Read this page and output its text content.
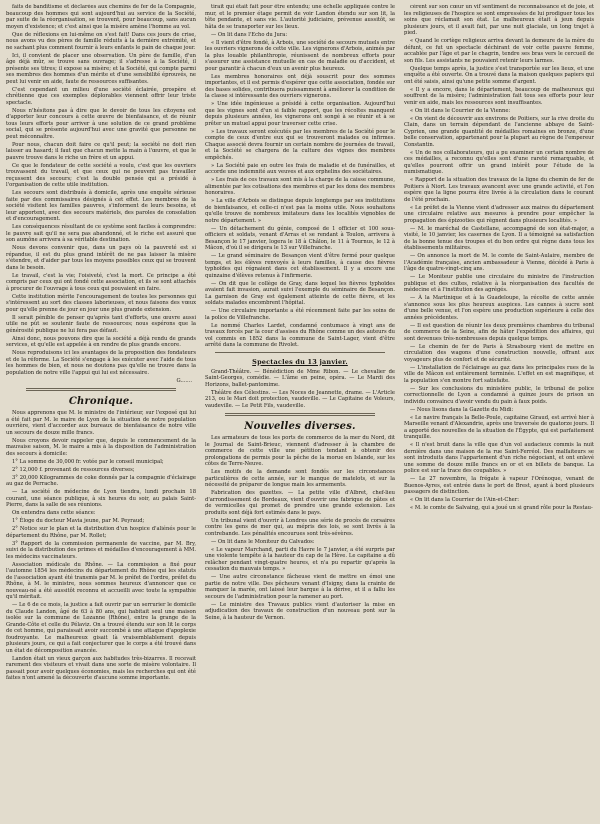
faits de banditisme et déclarées aux chemins de fer de la Compagnie, beaucoup des hommes qui sont aujourd'hui au service de la Société, par suite de la réorganisation, se trouvent, pour beaucoup, sans aucun moyen d'existence; et c'est ainsi que la misère amène l'homme au vol.

Que de réflexions en lui-même on s'est fait! Dans ces jours de crise, nous avons vu des pères de famille réduits à la dernière extrémité, et ne sachant plus comment fournir à leurs enfants le pain de chaque jour.

Ici, il convient de placer une observation. Un père de famille, d'un âge déjà mûr, se trouve sans ouvrage; il s'adresse à la Société, il présente ses titres; il expose sa misère; et la Société, qui compte parmi ses membres des hommes d'un mérite et d'une sensibilité éprouvés, ne peut lui venir en aide, faute de ressources suffisantes.

C'est cependant un milieu d'une société éclairée, prospère et chrétienne que ces exemples déplorables viennent offrir leur triste spectacle.

Nous n'hésitons pas à dire que le devoir de tous les citoyens est d'apporter leur concours à cette œuvre de bienfaisance, et de réunir tous leurs efforts pour arriver à une solution de ce grand problème social, qui se présente aujourd'hui avec une gravité que personne ne peut méconnaître.

Pour nous, chacun doit faire ce qu'il peut; la société ne doit rien laisser au hasard; il faut que chacun mette la main à l'œuvre, et que le pauvre trouve dans le riche un frère et un appui.

Ce que le fondateur de cette société a voulu, c'est que les ouvriers trouvassent du travail, et que ceux qui ne peuvent pas travailler reçussent des secours; c'est la double pensée qui a présidé à l'organisation de cette utile institution.

Les secours sont distribués à domicile, après une enquête sérieuse faite par des commissaires désignés à cet effet. Les membres de la société visitent les familles pauvres, s'informent de leurs besoins, et leur apportent, avec des secours matériels, des paroles de consolation et d'encouragement.

Les conséquences résultant de ce système sont faciles à comprendre: le pauvre sait qu'il ne sera pas abandonné, et le riche est assuré que son aumône arrivera à sa véritable destination.

Nous devons convenir que, dans un pays où la pauvreté est si répandue, il est du plus grand intérêt de ne pas laisser la misère s'étendre, et d'aider par tous les moyens possibles ceux qui se trouvent dans le besoin.

Le travail, c'est la vie; l'oisiveté, c'est la mort. Ce principe a été compris par ceux qui ont fondé cette association, et ils se sont attachés à procurer de l'ouvrage à tous ceux qui pouvaient en faire.

Cette institution mérite l'encouragement de toutes les personnes qui s'intéressent au sort des classes laborieuses, et nous faisons des vœux pour qu'elle prenne de jour en jour une plus grande extension.

Il serait pénible de penser qu'après tant d'efforts, une œuvre aussi utile ne pût se soutenir faute de ressources; nous espérons que la générosité publique ne lui fera pas défaut.

Ainsi donc, nous pouvons dire que la société a déjà rendu de grands services, et qu'elle est appelée à en rendre de plus grands encore.

Nous reproduisons ici les avantages de la proposition des fondateurs et de la réforme. La Société s'engage à les exécuter avec l'aide de tous les hommes de bien, et nous ne doutons pas qu'elle ne trouve dans la population de notre ville l'appui qui lui est nécessaire.

G.......
Chronique.

Nous apprenons que M. le ministre de l'intérieur, sur l'exposé qui lui a été fait par M. le maire de Lyon de la situation de notre population ouvrière, vient d'accorder aux bureaux de bienfaisance de notre ville un secours de douze mille francs.

Nous croyons devoir rappeler que, depuis le commencement de la mauvaise saison, M. le maire a mis à la disposition de l'administration des secours à domicile:

1° La somme de 30,000 fr. votée par le conseil municipal;

2° 12,000 f. provenant de ressources diverses;

3° 20,000 Kilogrammes de coke donnés par la compagnie d'éclairage au gaz de Perrache.

— La société de médecine de Lyon tiendra, lundi prochain 18 courant, une séance publique, à six heures du soir, au palais Saint-Pierre, dans la salle de ses réunions.

On entendra dans cette séance:

1° Éloge du docteur Mavia jeune, par M. Peyraud;

2° Notice sur le plan et la distribution d'un hospice d'aliénés pour le département du Rhône, par M. Rollet;

3° Rapport de la commission permanente de vaccine, par M. Bry, suivi de la distribution des primes et médailles d'encouragement à MM. les médecins vaccinateurs.

Association médicale du Rhône. — La commission a fixé pour l'automne 1854 les médecins du département du Rhône qui les statuts de l'association ayant été transmis par M. le préfet de l'ordre, préfet du Rhône, à M. le ministre, nous sommes heureux d'annoncer que ce nouveau-né a été aussitôt reconnu et accueilli avec toute la sympathie qu'il méritait.

— Le 6 de ce mois, la justice a fait ouvrir par un serrurier le domicile du Claude Landon, âgé de 63 à 80 ans, qui habitait seul une maison isolée sur la commune de Lozanne (Rhône), entre la grange de la Grande-Côte et celle du Pélaviz. On a trouvé étendu sur son lit le corps de cet homme, qui paraissait avoir succombé à une attaque d'apoplexie foudroyante. Le malheureux gisait là vraisemblablement depuis plusieurs jours, ce qui a fait conjecturer que le corps a été trouvé dans un état de décomposition avancée.

Landon était un vieux garçon aux habitudes très-bizarres. Il recevait rarement des visiteurs et vivait dans une sorte de misère volontaire. Il passait pour avoir quelques économies, mais les recherches qui ont été faites n'ont amené la découverte d'aucune somme importante.

tirait qui était fait pour être entendu; une échelle appliquée contre le mur, et le premier étage permit de voir Landon étendu sur son lit, la tête pendante, et sans vie. L'autorité judiciaire, prévenue aussitôt, se hâta de se transporter sur les lieux.

— On lit dans l'Echo du Jura:

« Il vient d'être fondé, à Arbois, une société de secours mutuels entre les ouvriers vignerons de cette ville. Les vignerons d'Arbois, animés par la plus louable philanthropie, réunissent de nombreux efforts pour s'assurer une assistance mutuelle en cas de maladie ou d'accident, et pour garantir à chacun d'eux un avenir plus heureux.

Les membres honoraires ont déjà souscrit pour des sommes importantes, et il est permis d'espérer que cette association, fondée sur des bases solides, contribuera puissamment à améliorer la condition de la classe si intéressante des ouvriers vignerons.

» Une idée ingénieuse a présidé à cette organisation. Aujourd'hui que les vignes sont d'un si faible rapport, que les récoltes manquent depuis plusieurs années, les vignerons ont songé à se réunir et à se prêter un mutuel appui pour traverser cette crise.

» Les travaux seront exécutés par les membres de la Société pour le compte de ceux d'entre eux qui se trouveront malades ou infirmes. Chaque associé devra fournir un certain nombre de journées de travail, et la Société se chargera de la culture des vignes des membres empêchés.

» La Société paie en outre les frais de maladie et de funérailles, et accorde une indemnité aux veuves et aux orphelins des sociétaires.

» Les frais de ces travaux sont mis à la charge de la caisse commune, alimentée par les cotisations des membres et par les dons des membres honoraires.

» La ville d'Arbois se distingue depuis longtemps par ses institutions de bienfaisance, et celle-ci n'est pas la moins utile. Nous souhaitons qu'elle trouve de nombreux imitateurs dans les localités vignobles de notre département. »

— Un détachement du génie, composé de 1 officier et 100 sous-officiers et soldats, venant d'Arras et se rendant à Toulon, arrivera à Besançon le 17 janvier, logera le 18 à Châlon, le 11 à Tournus, le 12 à Mâcon, d'où il se dirigera le 13 sur Villefranche.

— Le grand séminaire de Besançon vient d'être fermé pour quelque temps, et les élèves renvoyés à leurs familles, à cause des fièvres typhoïdes qui régnaient dans cet établissement. Il y a encore une quinzaine d'élèves retenus à l'infirmerie.

— On dit que le collège de Gray, dans lequel les fièvres typhoïdes avaient fait invasion, aurait suivi l'exemple du séminaire de Besançon. La garnison de Gray est également atteinte de cette fièvre, et les soldats malades encombrent l'hôpital.

— Une circulaire importante a été récemment faite par les soins de la police de Villefranche.

Le nommé Charles Lardet, condamné contumace à vingt ans de travaux forcés par la cour d'assises du Rhône comme un des auteurs du vol commis en 1852 dans la commune de Saint-Lager, vient d'être arrêté dans la commune de Rivolet.

Spectacles du 13 janvier.

Grand-Théâtre. — Bénédiction de Mme Ribon. — Le chevalier de Saint-Georges, comédie. — L'âme en peine, opéra. — Le Mardi des Horizons, ballet-pantomime.

Théâtre des Célestins. — Les Noces de Jeannette, drame. — L'Article 213, ou le Mari doit protection, vaudeville. — Le Capitaine de Voleurs, vaudeville. — Le Petit Fils, vaudeville.

Nouvelles diverses.

Les armateurs de tous les ports de commerce de la mer du Nord, dit le Journal de Saint-Brieuc, viennent d'adresser à la chambre de commerce de cette ville une pétition tendant à obtenir des prolongations de permis pour la pêche de la morue en Islande, sur les côtes de Terre-Neuve.

Les motifs de la demande sont fondés sur les circonstances particulières de cette année, sur le manque de matelots, et sur la nécessité de préparer de longue main les armements.

Fabrication des gazettes. — La petite ville d'Albret, chef-lieu d'arrondissement de Bordeaux, vient d'ouvrir une fabrique de pâtes et de vermicelles qui promet de prendre une grande extension. Les produits sont déjà fort estimés dans le pays.

Un tribunal vient d'ouvrir à Londres une série de procès de corsaires contre les gens de mer qui, au mépris des lois, se sont livrés à la contrebande. Les pénalités encourues sont très-sévères.

— On lit dans le Moniteur du Calvados:

« Le vapeur Marchand, parti du Havre le 7 janvier, a été surpris par une violente tempête à la hauteur du cap de la Hève. Le capitaine a dû relâcher pendant vingt-quatre heures, et n'a pu repartir qu'après la cessation du mauvais temps. »

— Une autre circonstance fâcheuse vient de mettre en émoi une partie de notre ville. Des pêcheurs venant d'Isigny, dans la crainte de manquer la marée, ont laissé leur barque à la dérive, et il a fallu les secours de l'administration pour la ramener au port.

— Le ministre des Travaux publics vient d'autoriser la mise en adjudication des travaux de construction d'un nouveau pont sur la Seine, à la hauteur de Vernon.

cèrent sur son cœur un vif sentiment de reconnaissance et de joie, et les religieuses de l'hospice se sont empressées de lui prodiguer tous les soins que réclamait son état. Le malheureux était à jeun depuis plusieurs jours, et il avait fait, par une nuit glaciale, un long trajet à pied.

« Quand le cortège religieux arriva devant la demeure de la mère du défunt, ce fut un spectacle déchirant de voir cette pauvre femme, accablée par l'âge et par le chagrin, tendre ses bras vers le cercueil de son fils. Les assistants ne pouvaient retenir leurs larmes.

Quelque temps après, la justice s'est transportée sur les lieux, et une enquête a été ouverte. On a trouvé dans la maison quelques papiers qui ont été saisis, ainsi qu'une petite somme d'argent.

« Il y a encore, dans le département, beaucoup de malheureux qui souffrent de la misère; l'administration fait tous ses efforts pour leur venir en aide, mais les ressources sont insuffisantes.

« On lit dans le Courrier de la Vienne:

« On vient de découvrir aux environs de Poitiers, sur la rive droite du Clain, dans un terrain dépendant de l'ancienne abbaye de Saint-Cyprien, une grande quantité de médailles romaines en bronze, d'une belle conservation, appartenant pour la plupart au règne de l'empereur Constantin.

« Un de nos collaborateurs, qui a pu examiner un certain nombre de ces médailles, a reconnu qu'elles sont d'une rareté remarquable, et qu'elles pourront offrir un grand intérêt pour l'étude de la numismatique.

« Rapport de la situation des travaux de la ligne du chemin de fer de Poitiers à Niort. Les travaux avancent avec une grande activité, et l'on espère que la ligne pourra être livrée à la circulation dans le courant de l'été prochain.

« Le préfet de la Vienne vient d'adresser aux maires du département une circulaire relative aux mesures à prendre pour empêcher la propagation des épizooties qui règnent dans plusieurs localités. »

— M. le maréchal de Castellane, accompagné de son état-major, a visité, le 10 janvier, les casernes de Lyon. Il a témoigné sa satisfaction de la bonne tenue des troupes et du bon ordre qui règne dans tous les établissements militaires.

— On annonce la mort de M. le comte de Saint-Aulaire, membre de l'Académie française, ancien ambassadeur à Vienne, décédé à Paris à l'âge de quatre-vingt-cinq ans.

— Le Moniteur publie une circulaire du ministre de l'instruction publique et des cultes, relative à la réorganisation des facultés de médecine et à l'institution des agrégés.

— À la Martinique et à la Guadeloupe, la récolte de cette année s'annonce sous les plus heureux auspices. Les cannes à sucre sont d'une belle venue, et l'on espère une production supérieure à celle des années précédentes.

— Il est question de réunir les deux premières chambres du tribunal de commerce de la Seine, afin de hâter l'expédition des affaires, qui sont devenues très-nombreuses depuis quelque temps.

— Le chemin de fer de Paris à Strasbourg vient de mettre en circulation des wagons d'une construction nouvelle, offrant aux voyageurs plus de confort et de sécurité.

— L'installation de l'éclairage au gaz dans les principales rues de la ville de Mâcon est entièrement terminée. L'effet en est magnifique, et la population s'en montre fort satisfaite.

— Sur les conclusions du ministère public, le tribunal de police correctionnelle de Lyon a condamné à quinze jours de prison un individu convaincu d'avoir vendu du pain à faux poids.

— Nous lisons dans la Gazette du Midi:

« Le navire français la Belle-Poule, capitaine Giraud, est arrivé hier à Marseille venant d'Alexandrie, après une traversée de quatorze jours. Il a apporté des nouvelles de la situation de l'Égypte, qui est parfaitement tranquille.

« Il n'est bruit dans la ville que d'un vol audacieux commis la nuit dernière dans une maison de la rue Saint-Ferréol. Des malfaiteurs se sont introduits dans l'appartement d'un riche négociant, et ont enlevé une somme de douze mille francs en or et en billets de banque. La police est sur la trace des coupables. »

— Le 27 novembre, la frégate à vapeur l'Orénoque, venant de Buenos-Ayres, est entrée dans le port de Brest, ayant à bord plusieurs passagers de distinction.

« On lit dans la Courrier de l'Ain-et-Cher:

« M. le comte de Salvaing, qui a joué un si grand rôle pour la Restau-
